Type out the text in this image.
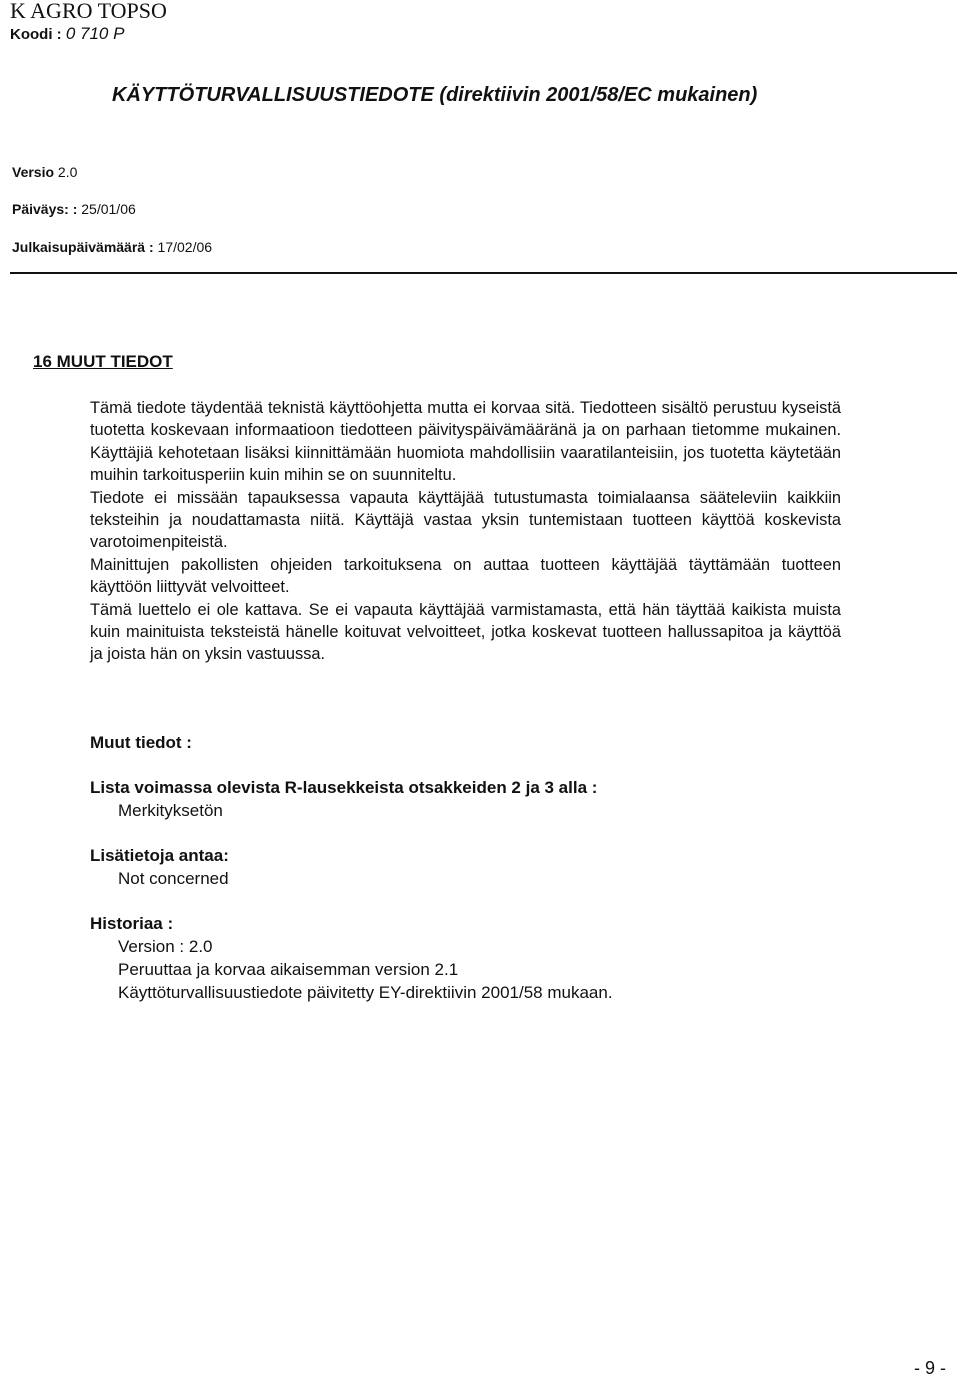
K AGRO TOPSO
Koodi : 0 710 P
KÄYTTÖTURVALLISUUSTIEDOTE (direktiivin 2001/58/EC mukainen)
Versio 2.0
Päiväys: : 25/01/06
Julkaisupäivämäärä : 17/02/06
16 MUUT TIEDOT

Tämä tiedote täydentää teknistä käyttöohjetta mutta ei korvaa sitä. Tiedotteen sisältö perustuu kyseistä tuotetta koskevaan informaatioon tiedotteen päivityspäivämääränä ja on parhaan tietomme mukainen. Käyttäjiä kehotetaan lisäksi kiinnittämään huomiota mahdollisiin vaaratilanteisiin, jos tuotetta käytetään muihin tarkoitusperiin kuin mihin se on suunniteltu.

Tiedote ei missään tapauksessa vapauta käyttäjää tutustumasta toimialaansa sääteleviin kaikkiin teksteihin ja noudattamasta niitä. Käyttäjä vastaa yksin tuntemistaan tuotteen käyttöä koskevista varotoimenpiteistä.

Mainittujen pakollisten ohjeiden tarkoituksena on auttaa tuotteen käyttäjää täyttämään tuotteen käyttöön liittyvät velvoitteet.

Tämä luettelo ei ole kattava. Se ei vapauta käyttäjää varmistamasta, että hän täyttää kaikista muista kuin mainituista teksteistä hänelle koituvat velvoitteet, jotka koskevat tuotteen hallussapitoa ja käyttöä ja joista hän on yksin vastuussa.

Muut tiedot :
Lista voimassa olevista R-lausekkeista otsakkeiden 2 ja 3 alla :
Merkityksetön
Lisätietoja antaa:
Not concerned
Historiaa :
Version : 2.0
Peruuttaa ja korvaa aikaisemman version 2.1
Käyttöturvallisuustiedote päivitetty EY-direktiivin 2001/58 mukaan.
- 9 -
